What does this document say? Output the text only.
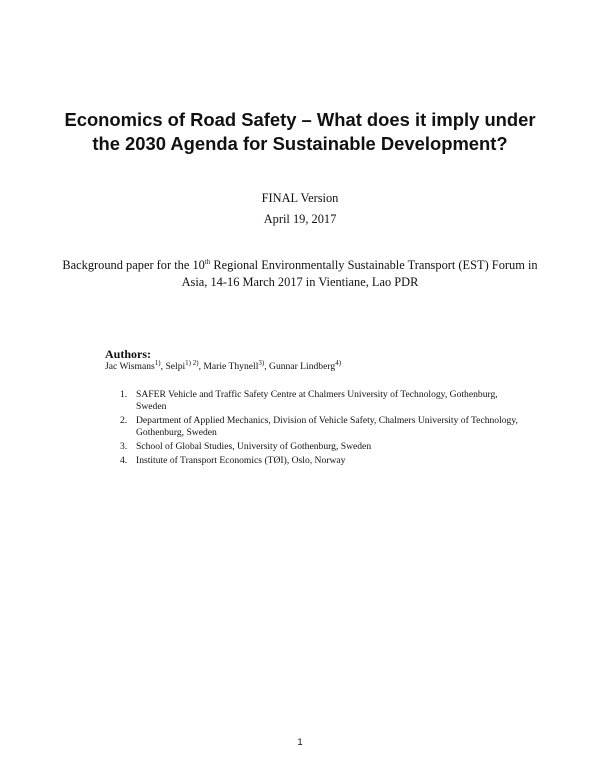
Economics of Road Safety – What does it imply under the 2030 Agenda for Sustainable Development?
FINAL Version
April 19, 2017
Background paper for the 10th Regional Environmentally Sustainable Transport (EST) Forum in Asia, 14-16 March 2017 in Vientiane, Lao PDR
Authors:
Jac Wismans$^{1)}$, Selpi$^{1) 2)}$, Marie Thynell$^{3)}$, Gunnar Lindberg$^{4)}$
1. SAFER Vehicle and Traffic Safety Centre at Chalmers University of Technology, Gothenburg, Sweden
2. Department of Applied Mechanics, Division of Vehicle Safety, Chalmers University of Technology, Gothenburg, Sweden
3. School of Global Studies, University of Gothenburg, Sweden
4. Institute of Transport Economics (TØI), Oslo, Norway
1
